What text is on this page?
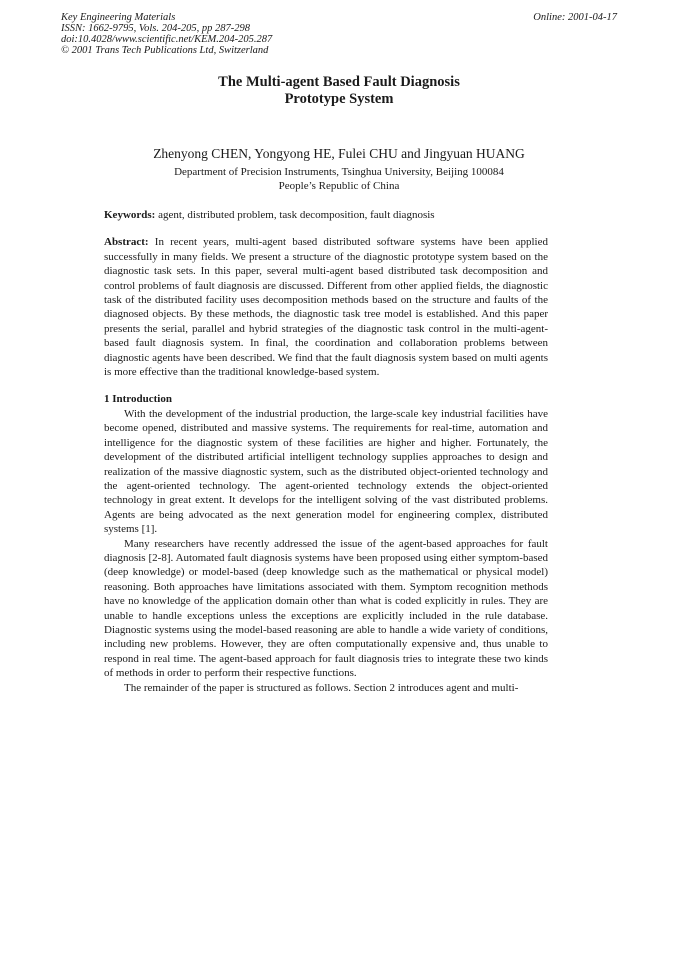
Key Engineering Materials
ISSN: 1662-9795, Vols. 204-205, pp 287-298
doi:10.4028/www.scientific.net/KEM.204-205.287
© 2001 Trans Tech Publications Ltd, Switzerland
Online: 2001-04-17
The Multi-agent Based Fault Diagnosis
Prototype System
Zhenyong CHEN, Yongyong HE, Fulei CHU and Jingyuan HUANG
Department of Precision Instruments, Tsinghua University, Beijing 100084
People’s Republic of China

Keywords: agent, distributed problem, task decomposition, fault diagnosis

Abstract: In recent years, multi-agent based distributed software systems have been applied successfully in many fields. We present a structure of the diagnostic prototype system based on the diagnostic task sets. In this paper, several multi-agent based distributed task decomposition and control problems of fault diagnosis are discussed. Different from other applied fields, the diagnostic task of the distributed facility uses decomposition methods based on the structure and faults of the diagnosed objects. By these methods, the diagnostic task tree model is established. And this paper presents the serial, parallel and hybrid strategies of the diagnostic task control in the multi-agent-based fault diagnosis system. In final, the coordination and collaboration problems between diagnostic agents have been described. We find that the fault diagnosis system based on multi agents is more effective than the traditional knowledge-based system.

1 Introduction

With the development of the industrial production, the large-scale key industrial facilities have become opened, distributed and massive systems. The requirements for real-time, automation and intelligence for the diagnostic system of these facilities are higher and higher. Fortunately, the development of the distributed artificial intelligent technology supplies approaches to design and realization of the massive diagnostic system, such as the distributed object-oriented technology and the agent-oriented technology. The agent-oriented technology extends the object-oriented technology in great extent. It develops for the intelligent solving of the vast distributed problems. Agents are being advocated as the next generation model for engineering complex, distributed systems [1].

Many researchers have recently addressed the issue of the agent-based approaches for fault diagnosis [2-8]. Automated fault diagnosis systems have been proposed using either symptom-based (deep knowledge) or model-based (deep knowledge such as the mathematical or physical model) reasoning. Both approaches have limitations associated with them. Symptom recognition methods have no knowledge of the application domain other than what is coded explicitly in rules. They are unable to handle exceptions unless the exceptions are explicitly included in the rule database. Diagnostic systems using the model-based reasoning are able to handle a wide variety of conditions, including new problems. However, they are often computationally expensive and, thus unable to respond in real time. The agent-based approach for fault diagnosis tries to integrate these two kinds of methods in order to perform their respective functions.

The remainder of the paper is structured as follows. Section 2 introduces agent and multi-
